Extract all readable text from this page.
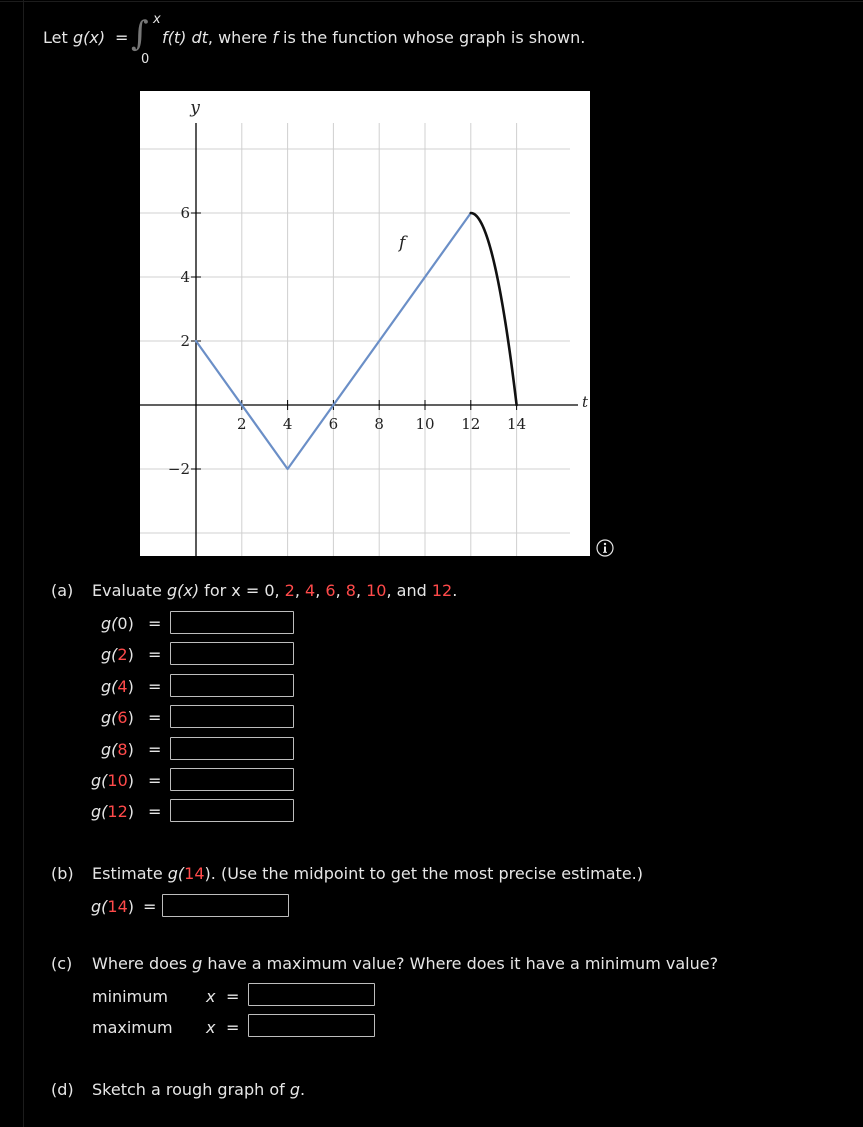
Let g(x) = ∫ x
0
f(t) dt, where f is the function whose graph is shown.
2 4 6 8 10 12 14
−2
2
4
6
y
t
f
(a) Evaluate g(x) for x = 0, 2, 4, 6, 8, 10, and 12.
g(0) =
g(2) =
g(4) =
g(6) =
g(8) =
g(10) =
g(12) =
(b) Estimate g(14). (Use the midpoint to get the most precise estimate.)
g(14) =
(c) Where does g have a maximum value? Where does it have a minimum value?
minimum x =
maximum x =
(d) Sketch a rough graph of g.
